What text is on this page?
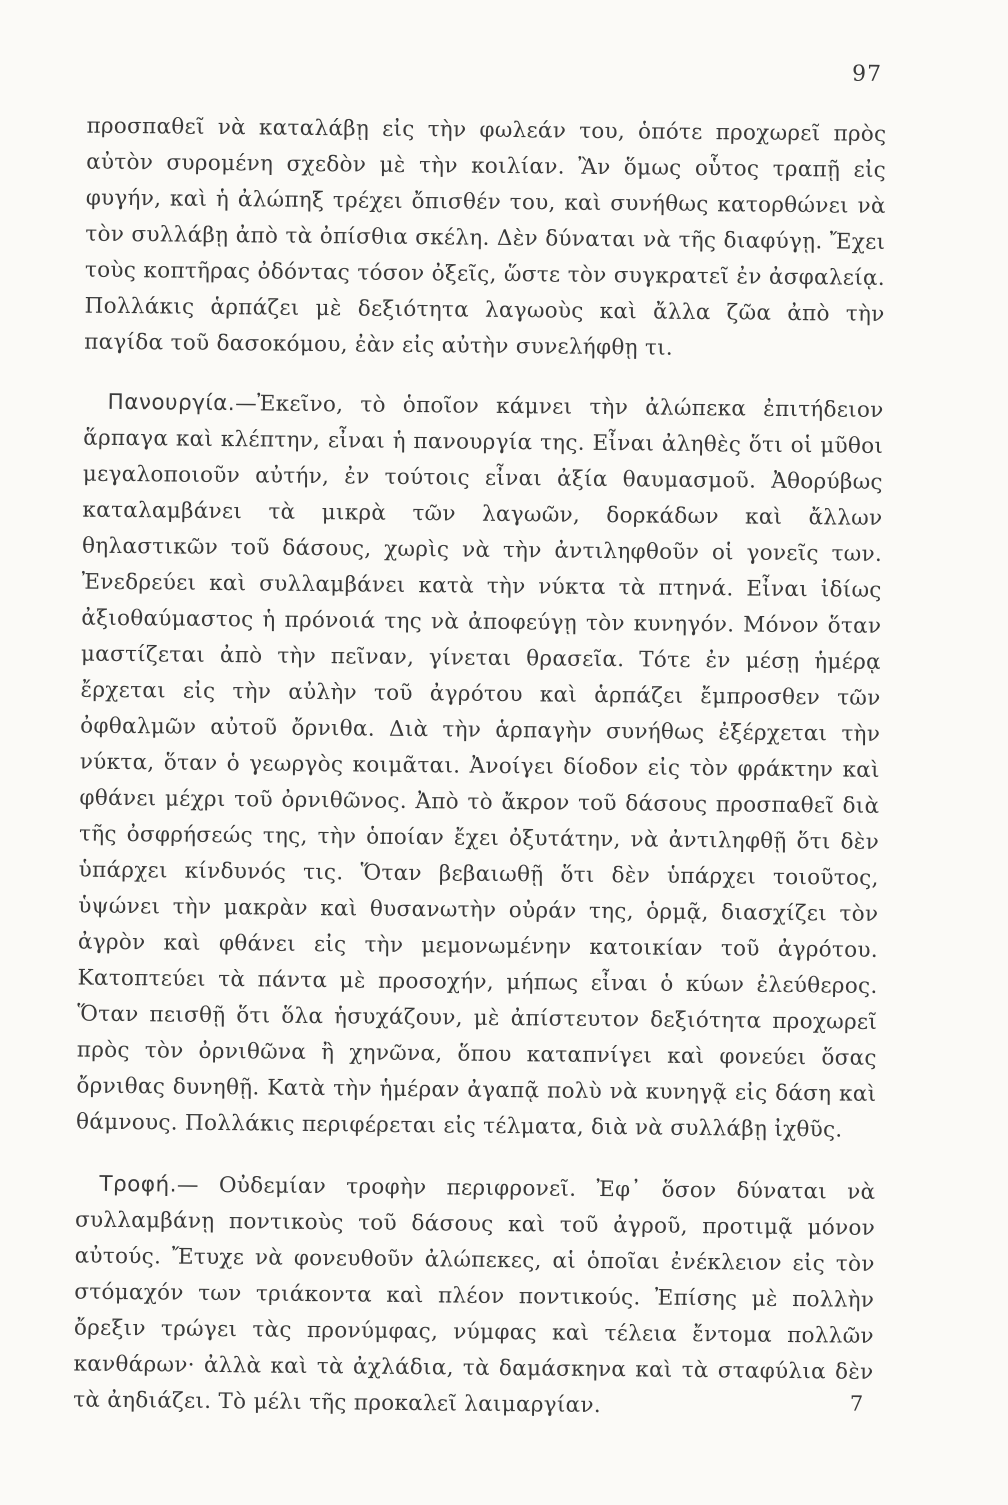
97

προσπαθεῖ νὰ καταλάβῃ εἰς τὴν φωλεάν του, ὁπότε προχωρεῖ πρὸς αὐτὸν συρομένη σχεδὸν μὲ τὴν κοιλίαν. Ἂν ὅμως οὗτος τραπῇ εἰς φυγήν, καὶ ἡ ἀλώπηξ τρέχει ὄπισθέν του, καὶ συνήθως κατορθώνει νὰ τὸν συλλάβῃ ἀπὸ τὰ ὀπίσθια σκέλη. Δὲν δύναται νὰ τῆς διαφύγῃ. Ἔχει τοὺς κοπτῆρας ὀδόντας τόσον ὀξεῖς, ὥστε τὸν συγκρατεῖ ἐν ἀσφαλείᾳ. Πολλάκις ἁρπάζει μὲ δεξιότητα λαγωοὺς καὶ ἄλλα ζῶα ἀπὸ τὴν παγίδα τοῦ δασοκόμου, ἐὰν εἰς αὐτὴν συνελήφθῃ τι.

Πανουργία.—Ἐκεῖνο, τὸ ὁποῖον κάμνει τὴν ἀλώπεκα ἐπιτήδειον ἅρπαγα καὶ κλέπτην, εἶναι ἡ πανουργία της. Εἶναι ἀληθὲς ὅτι οἱ μῦθοι μεγαλοποιοῦν αὐτήν, ἐν τούτοις εἶναι ἀξία θαυμασμοῦ. Ἀθορύβως καταλαμβάνει τὰ μικρὰ τῶν λαγωῶν, δορκάδων καὶ ἄλλων θηλαστικῶν τοῦ δάσους, χωρὶς νὰ τὴν ἀντιληφθοῦν οἱ γονεῖς των. Ἐνεδρεύει καὶ συλλαμβάνει κατὰ τὴν νύκτα τὰ πτηνά. Εἶναι ἰδίως ἀξιοθαύμαστος ἡ πρόνοιά της νὰ ἀποφεύγῃ τὸν κυνηγόν. Μόνον ὅταν μαστίζεται ἀπὸ τὴν πεῖναν, γίνεται θρασεῖα. Τότε ἐν μέσῃ ἡμέρᾳ ἔρχεται εἰς τὴν αὐλὴν τοῦ ἀγρότου καὶ ἁρπάζει ἔμπροσθεν τῶν ὀφθαλμῶν αὐτοῦ ὄρνιθα. Διὰ τὴν ἁρπαγὴν συνήθως ἐξέρχεται τὴν νύκτα, ὅταν ὁ γεωργὸς κοιμᾶται. Ἀνοίγει δίοδον εἰς τὸν φράκτην καὶ φθάνει μέχρι τοῦ ὀρνιθῶνος. Ἀπὸ τὸ ἄκρον τοῦ δάσους προσπαθεῖ διὰ τῆς ὀσφρήσεώς της, τὴν ὁποίαν ἔχει ὀξυτάτην, νὰ ἀντιληφθῇ ὅτι δὲν ὑπάρχει κίνδυνός τις. Ὅταν βεβαιωθῇ ὅτι δὲν ὑπάρχει τοιοῦτος, ὑψώνει τὴν μακρὰν καὶ θυσανωτὴν οὐράν της, ὁρμᾷ, διασχίζει τὸν ἀγρὸν καὶ φθάνει εἰς τὴν μεμονωμένην κατοικίαν τοῦ ἀγρότου. Κατοπτεύει τὰ πάντα μὲ προσοχήν, μήπως εἶναι ὁ κύων ἐλεύθερος. Ὅταν πεισθῇ ὅτι ὅλα ἡσυχάζουν, μὲ ἀπίστευτον δεξιότητα προχωρεῖ πρὸς τὸν ὀρνιθῶνα ἢ χηνῶνα, ὅπου καταπνίγει καὶ φονεύει ὅσας ὄρνιθας δυνηθῇ. Κατὰ τὴν ἡμέραν ἀγαπᾷ πολὺ νὰ κυνηγᾷ εἰς δάση καὶ θάμνους. Πολλάκις περιφέρεται εἰς τέλματα, διὰ νὰ συλλάβῃ ἰχθῦς.

Τροφή.— Οὐδεμίαν τροφὴν περιφρονεῖ. Ἐφ᾽ ὅσον δύναται νὰ συλλαμβάνῃ ποντικοὺς τοῦ δάσους καὶ τοῦ ἀγροῦ, προτιμᾷ μόνον αὐτούς. Ἔτυχε νὰ φονευθοῦν ἀλώπεκες, αἱ ὁποῖαι ἐνέκλειον εἰς τὸν στόμαχόν των τριάκοντα καὶ πλέον ποντικούς. Ἐπίσης μὲ πολλὴν ὄρεξιν τρώγει τὰς προνύμφας, νύμφας καὶ τέλεια ἔντομα πολλῶν κανθάρων· ἀλλὰ καὶ τὰ ἀχλάδια, τὰ δαμάσκηνα καὶ τὰ σταφύλια δὲν τὰ ἀηδιάζει. Τὸ μέλι τῆς προκαλεῖ λαιμαργίαν.	7
